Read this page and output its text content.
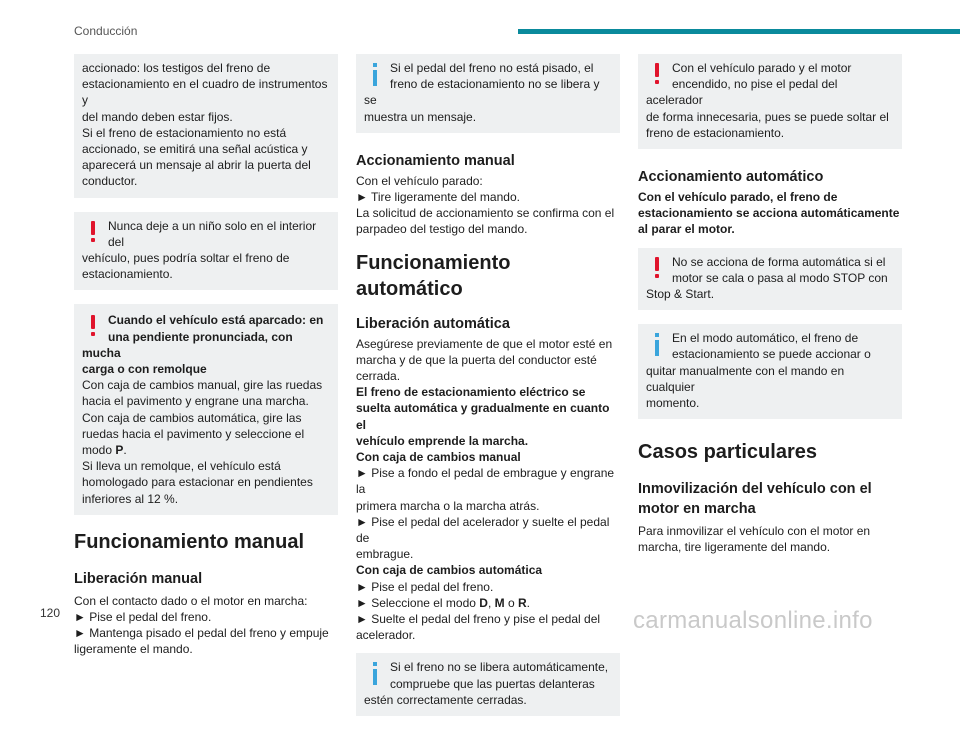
Conducción
accionado: los testigos del freno de
estacionamiento en el cuadro de instrumentos y
del mando deben estar fijos.
Si el freno de estacionamiento no está
accionado, se emitirá una señal acústica y
aparecerá un mensaje al abrir la puerta del
conductor.
Nunca deje a un niño solo en el interior del
vehículo, pues podría soltar el freno de
estacionamiento.
Cuando el vehículo está aparcado: en
una pendiente pronunciada, con mucha
carga o con remolque
Con caja de cambios manual, gire las ruedas
hacia el pavimento y engrane una marcha.
Con caja de cambios automática, gire las
ruedas hacia el pavimento y seleccione el
modo P.
Si lleva un remolque, el vehículo está
homologado para estacionar en pendientes
inferiores al 12 %.
Funcionamiento manual
Liberación manual
Con el contacto dado o el motor en marcha:
► Pise el pedal del freno.
► Mantenga pisado el pedal del freno y empuje
ligeramente el mando.
Si el pedal del freno no está pisado, el
freno de estacionamiento no se libera y se
muestra un mensaje.
Accionamiento manual
Con el vehículo parado:
► Tire ligeramente del mando.
La solicitud de accionamiento se confirma con el
parpadeo del testigo del mando.
Funcionamiento automático
Liberación automática
Asegúrese previamente de que el motor esté en
marcha y de que la puerta del conductor esté
cerrada.
El freno de estacionamiento eléctrico se
suelta automática y gradualmente en cuanto el
vehículo emprende la marcha.
Con caja de cambios manual
► Pise a fondo el pedal de embrague y engrane la
primera marcha o la marcha atrás.
► Pise el pedal del acelerador y suelte el pedal de
embrague.
Con caja de cambios automática
► Pise el pedal del freno.
► Seleccione el modo D, M o R.
► Suelte el pedal del freno y pise el pedal del
acelerador.
Si el freno no se libera automáticamente,
compruebe que las puertas delanteras
estén correctamente cerradas.
Con el vehículo parado y el motor
encendido, no pise el pedal del acelerador
de forma innecesaria, pues se puede soltar el
freno de estacionamiento.
Accionamiento automático
Con el vehículo parado, el freno de
estacionamiento se acciona automáticamente
al parar el motor.
No se acciona de forma automática si el
motor se cala o pasa al modo STOP con
Stop & Start.
En el modo automático, el freno de
estacionamiento se puede accionar o
quitar manualmente con el mando en cualquier
momento.
Casos particulares
Inmovilización del vehículo con el
motor en marcha
Para inmovilizar el vehículo con el motor en
marcha, tire ligeramente del mando.
120	carmanualsonline.info
